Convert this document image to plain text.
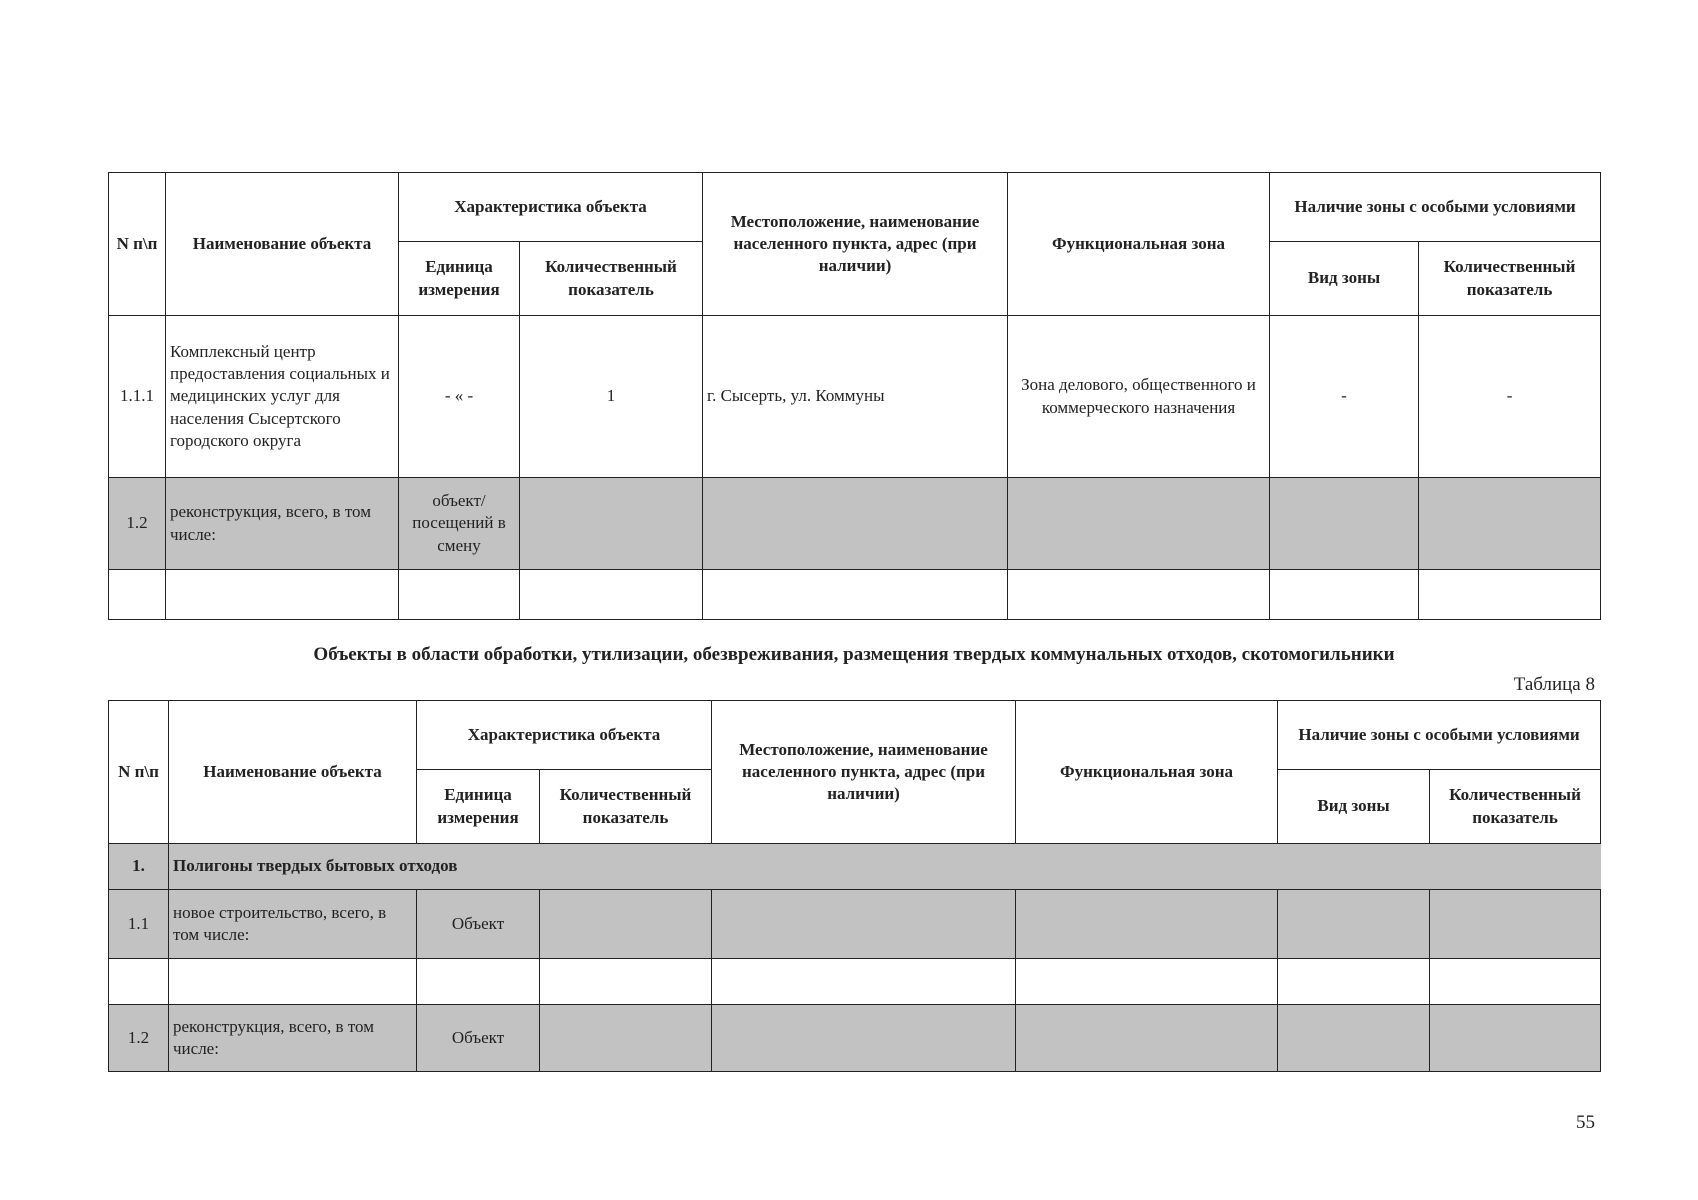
N п\п	Наименование объекта	Характеристика объекта		Местоположение, наименование населенного пункта, адрес (при наличии)	Функциональная зона	Наличие зоны с особыми условиями	
		Единица измерения	Количественный показатель			Вид зоны	Количественный показатель
1.1.1	Комплексный центр предоставления социальных и медицинских услуг для населения Сысертского городского округа	- « -	1	г. Сысерть, ул. Коммуны	Зона делового, общественного и коммерческого назначения	-	-
1.2	реконструкция, всего, в том числе:	объект/ посещений в смену					

Объекты в области обработки, утилизации, обезвреживания, размещения твердых коммунальных отходов, скотомогильники
Таблица 8
N п\п	Наименование объекта	Характеристика объекта		Местоположение, наименование населенного пункта, адрес (при наличии)	Функциональная зона	Наличие зоны с особыми условиями	
		Единица измерения	Количественный показатель			Вид зоны	Количественный показатель
1.	Полигоны твердых бытовых отходов						
1.1	новое строительство, всего, в том числе:	Объект					

1.2	реконструкция, всего, в том числе:	Объект					
55
